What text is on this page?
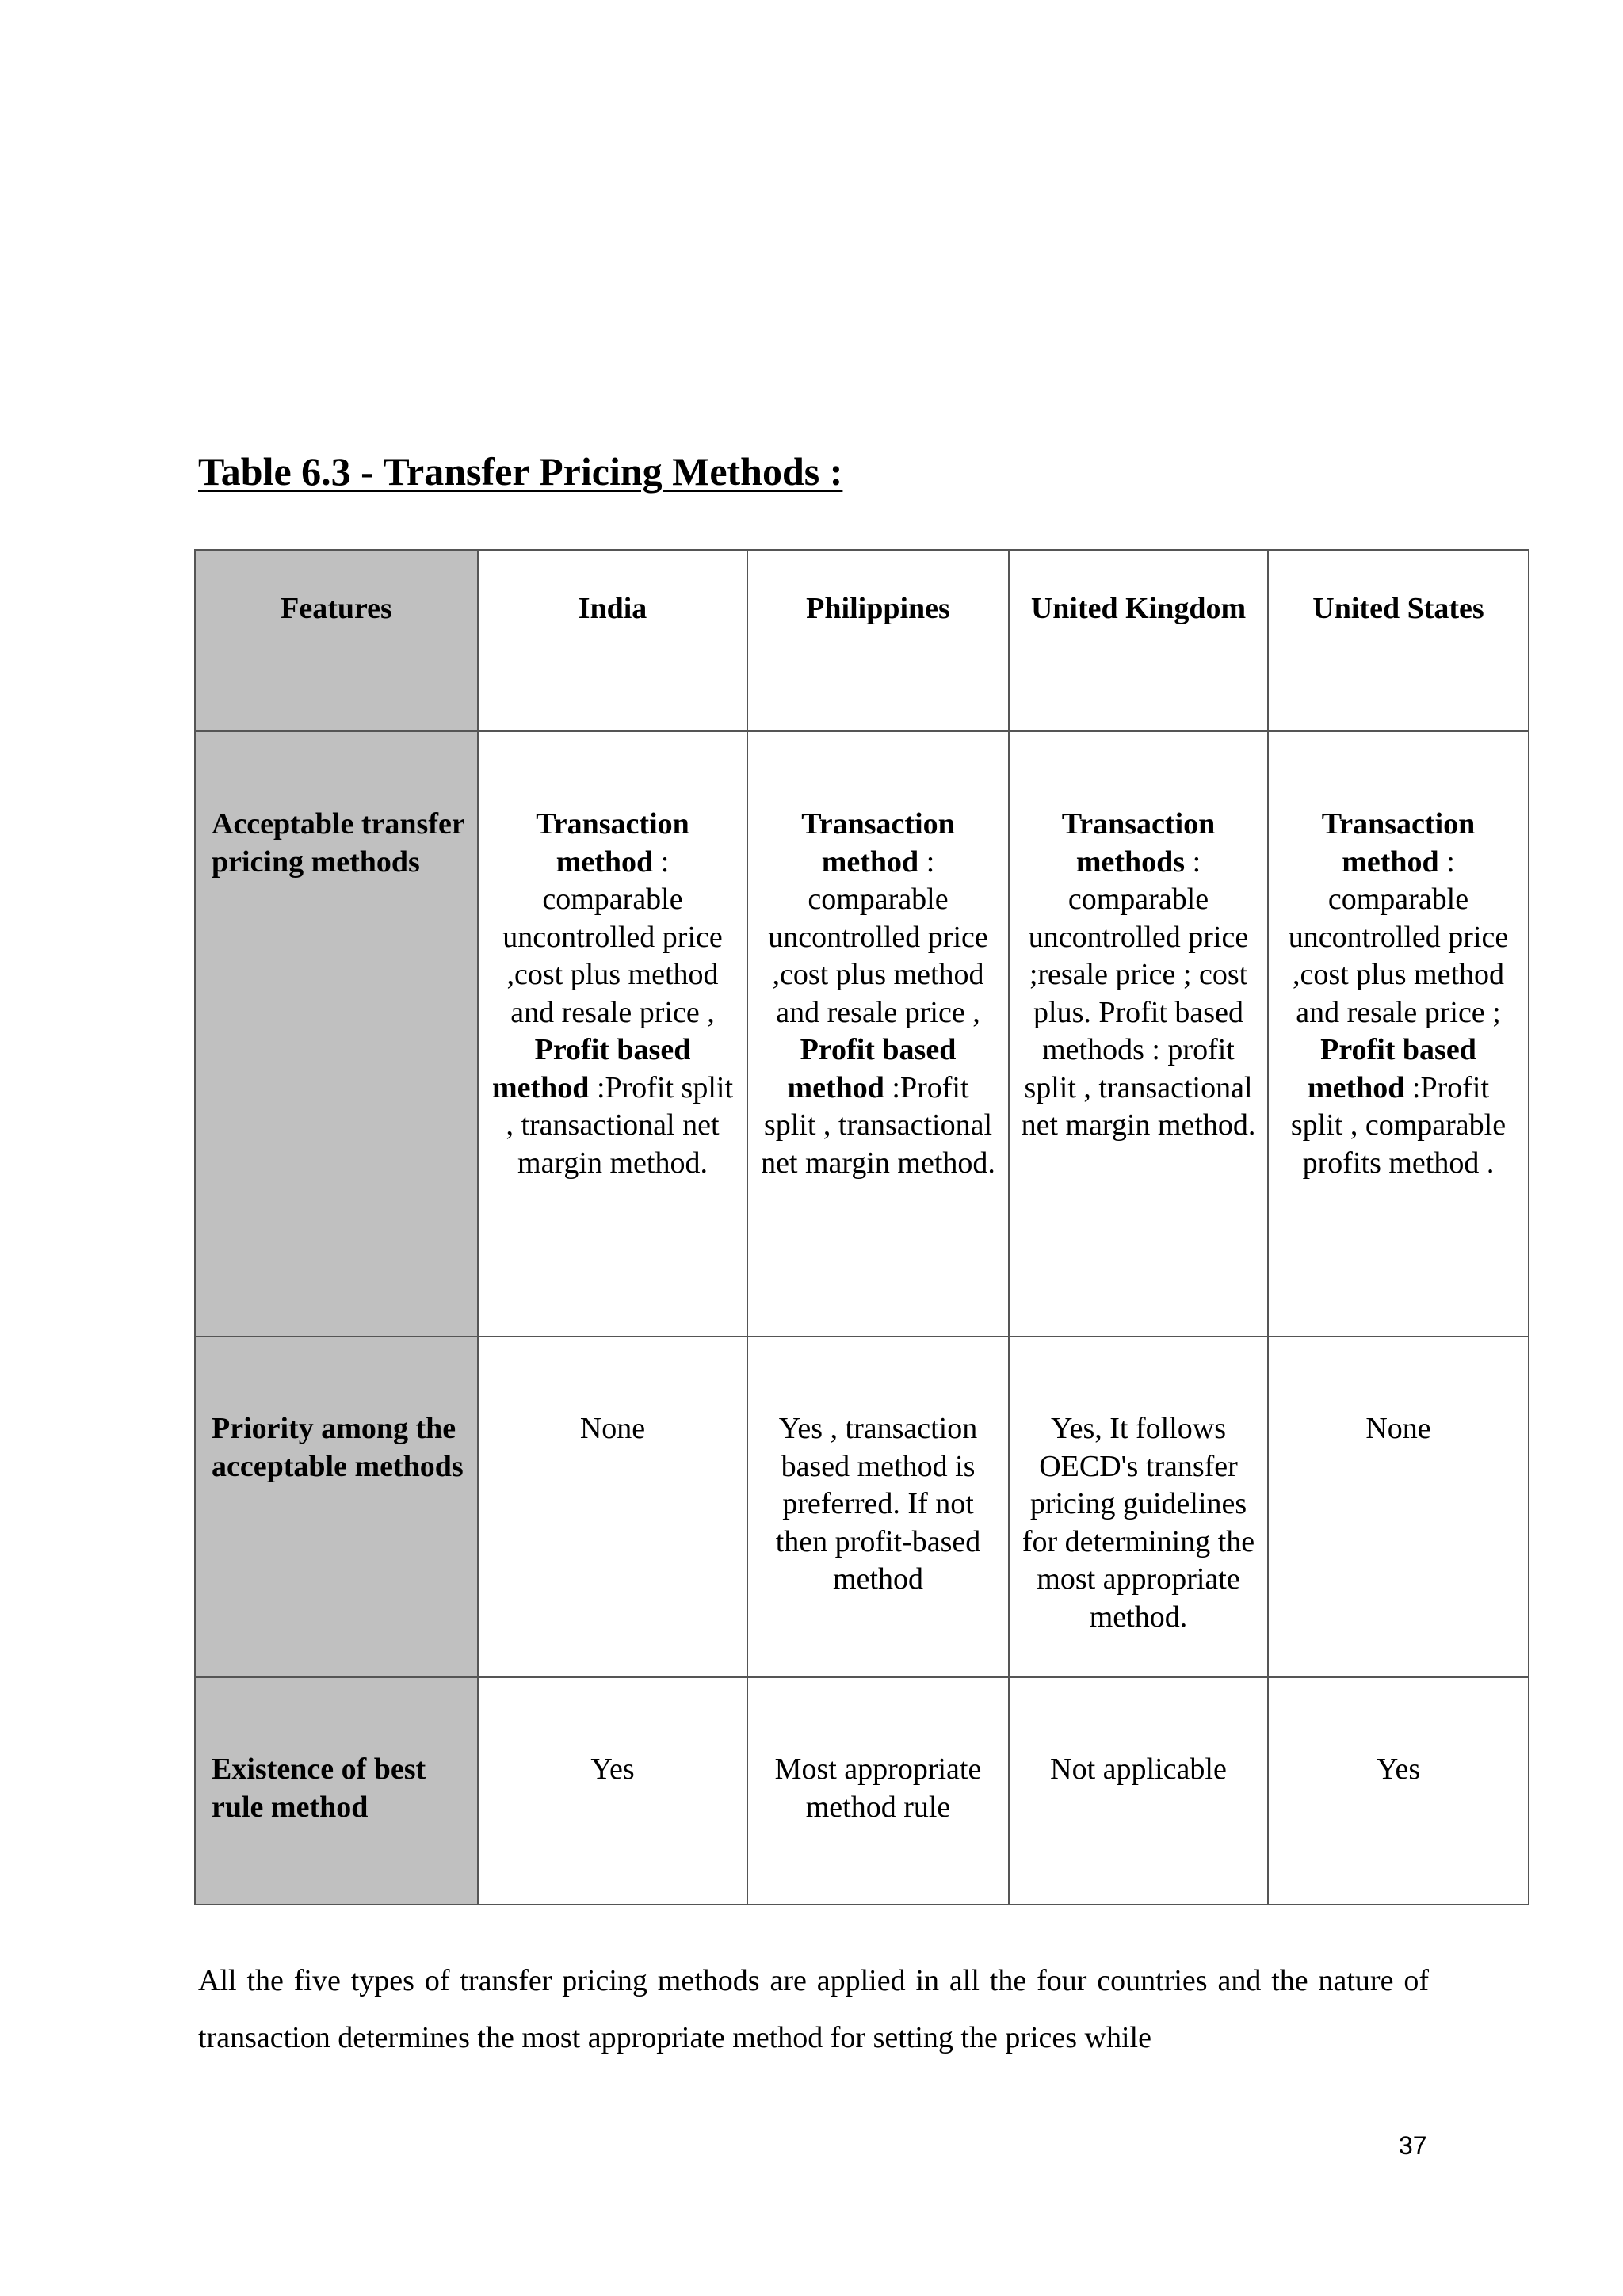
Table 6.3 - Transfer Pricing Methods :
Features	India	Philippines	United Kingdom	United States
Acceptable transfer pricing methods	Transaction method : comparable uncontrolled price ,cost plus method and resale price , Profit based method :Profit split , transactional net margin method.	Transaction method : comparable uncontrolled price ,cost plus method and resale price , Profit based method :Profit split , transactional net margin method.	Transaction methods : comparable uncontrolled price ;resale price ; cost plus. Profit based methods : profit split , transactional net margin method.	Transaction method : comparable uncontrolled price ,cost plus method and resale price ; Profit based method :Profit split , comparable profits method .
Priority among the acceptable methods	None	Yes , transaction based method is preferred. If not then profit-based method	Yes, It follows OECD's transfer pricing guidelines for determining the most appropriate method.	None
Existence of best rule method	Yes	Most appropriate method rule	Not applicable	Yes

All the five types of transfer pricing methods are applied in all the four countries and the nature of transaction determines the most appropriate method for setting the prices while

37
